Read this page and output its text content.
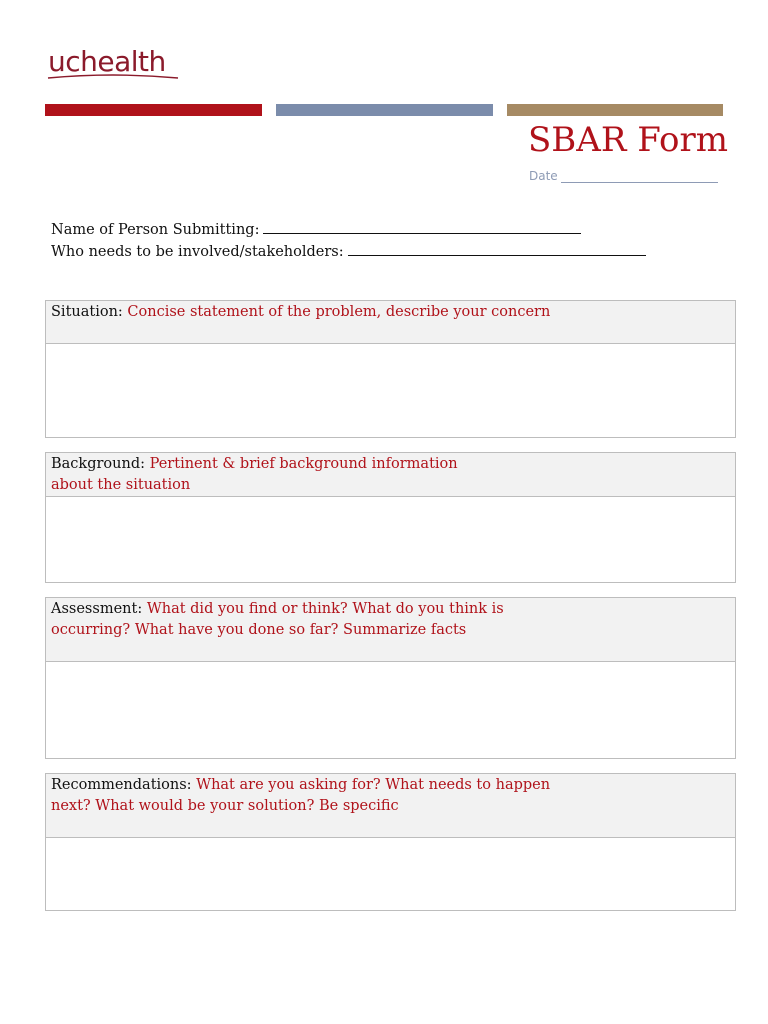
uchealth
SBAR Form
Date
Name of Person Submitting:
Who needs to be involved/stakeholders:
Situation: Concise statement of the problem, describe your concern
Background: Pertinent & brief background information
about the situation
Assessment: What did you find or think? What do you think is
occurring? What have you done so far? Summarize facts
Recommendations: What are you asking for? What needs to happen
next? What would be your solution? Be specific
